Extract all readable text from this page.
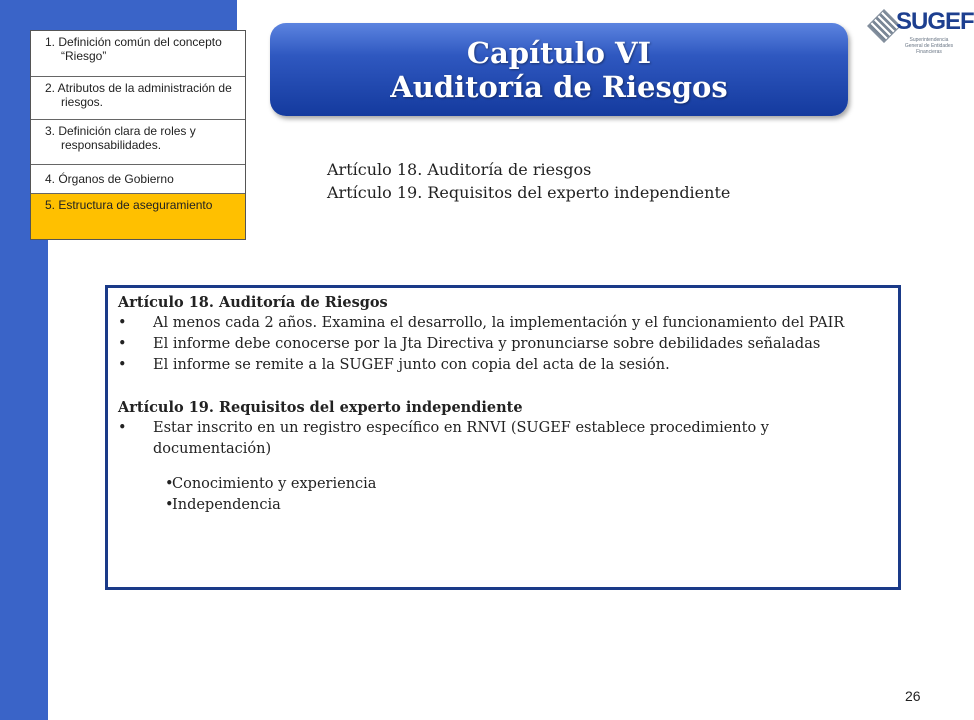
1. Definición común del concepto “Riesgo”
2. Atributos de la administración de riesgos.
3. Definición clara de roles y responsabilidades.
4. Órganos de Gobierno
5. Estructura de aseguramiento
Capítulo VI
Auditoría de Riesgos
SUGEF
Superintendencia General de Entidades Financieras
Artículo 18. Auditoría de riesgos
Artículo 19. Requisitos del experto independiente
Artículo 18. Auditoría de Riesgos
• Al menos cada 2 años. Examina el desarrollo, la implementación y el funcionamiento del PAIR
• El informe debe conocerse por la Jta Directiva y pronunciarse sobre debilidades señaladas
• El informe se remite a la SUGEF junto con copia del acta de la sesión.
Artículo 19. Requisitos del experto independiente
• Estar inscrito en un registro específico en RNVI (SUGEF establece procedimiento y documentación)
•
Conocimiento y experiencia
•
Independencia
26
